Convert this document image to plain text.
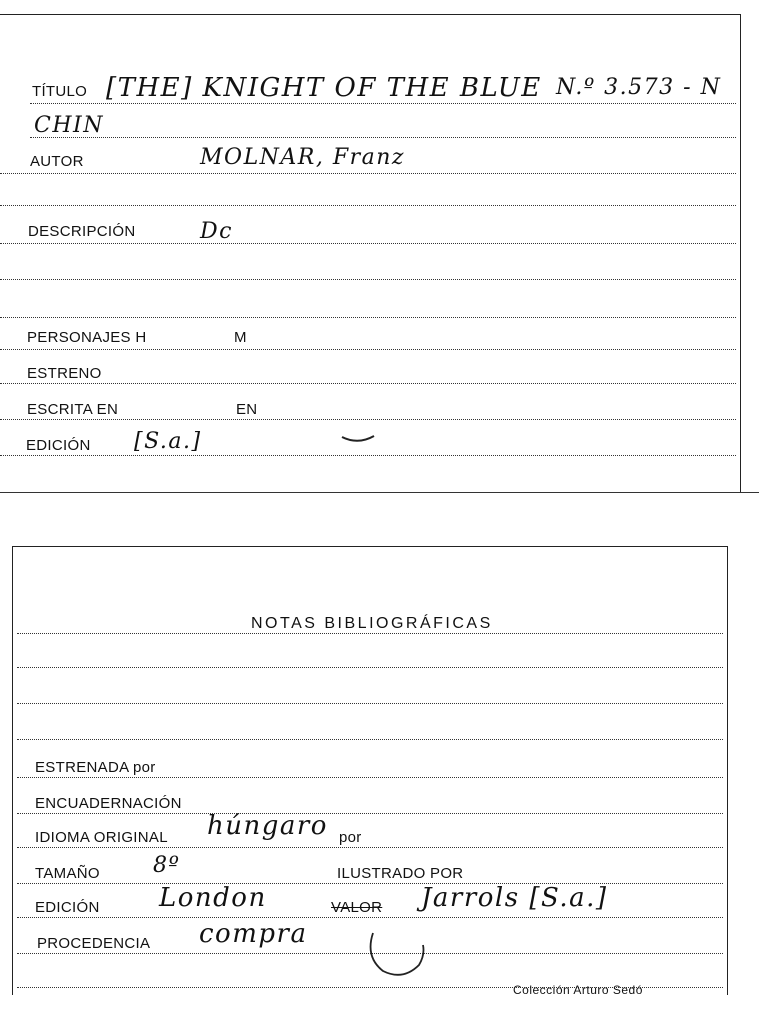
TÍTULO [THE] KNIGHT OF THE BLUE N.º 3.573 - N
CHIN
AUTOR	MOLNAR, Franz
DESCRIPCIÓN	Dc
PERSONAJES H	M
ESTRENO
ESCRITA EN	EN
EDICIÓN [S.a.]
NOTAS BIBLIOGRÁFICAS
ESTRENADA por
ENCUADERNACIÓN
IDIOMA ORIGINAL húngaro por
TAMAÑO 8º	ILUSTRADO POR
EDICIÓN London	VALOR Jarrols [S.a.]
PROCEDENCIA compra
Colección Arturo Sedó
